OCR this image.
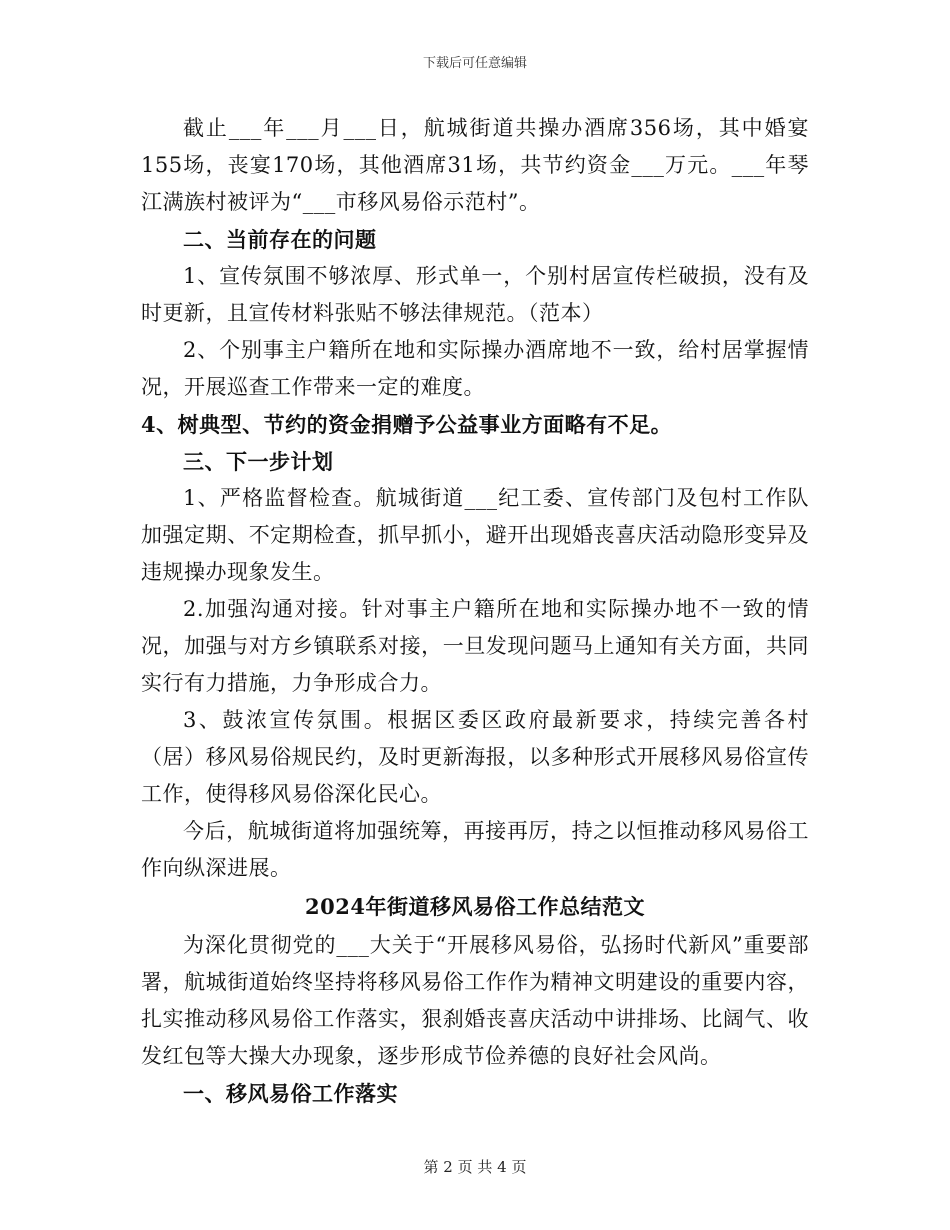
下载后可任意编辑

截止___年___月___日，航城街道共操办酒席356场，其中婚宴155场，丧宴170场，其他酒席31场，共节约资金___万元。___年琴江满族村被评为“___市移风易俗示范村”。

二、当前存在的问题

1、宣传氛围不够浓厚、形式单一，个别村居宣传栏破损，没有及时更新，且宣传材料张贴不够法律规范。（范本）

2、个别事主户籍所在地和实际操办酒席地不一致，给村居掌握情况，开展巡查工作带来一定的难度。

4、树典型、节约的资金捐赠予公益事业方面略有不足。

三、下一步计划

1、严格监督检查。航城街道___纪工委、宣传部门及包村工作队加强定期、不定期检查，抓早抓小，避开出现婚丧喜庆活动隐形变异及违规操办现象发生。

2.加强沟通对接。针对事主户籍所在地和实际操办地不一致的情况，加强与对方乡镇联系对接，一旦发现问题马上通知有关方面，共同实行有力措施，力争形成合力。

3、鼓浓宣传氛围。根据区委区政府最新要求，持续完善各村（居）移风易俗规民约，及时更新海报，以多种形式开展移风易俗宣传工作，使得移风易俗深化民心。

今后，航城街道将加强统筹，再接再厉，持之以恒推动移风易俗工作向纵深进展。

2024年街道移风易俗工作总结范文

为深化贯彻党的___大关于“开展移风易俗，弘扬时代新风”重要部署，航城街道始终坚持将移风易俗工作作为精神文明建设的重要内容，扎实推动移风易俗工作落实，狠刹婚丧喜庆活动中讲排场、比阔气、收发红包等大操大办现象，逐步形成节俭养德的良好社会风尚。

一、移风易俗工作落实

第 2 页 共 4 页
